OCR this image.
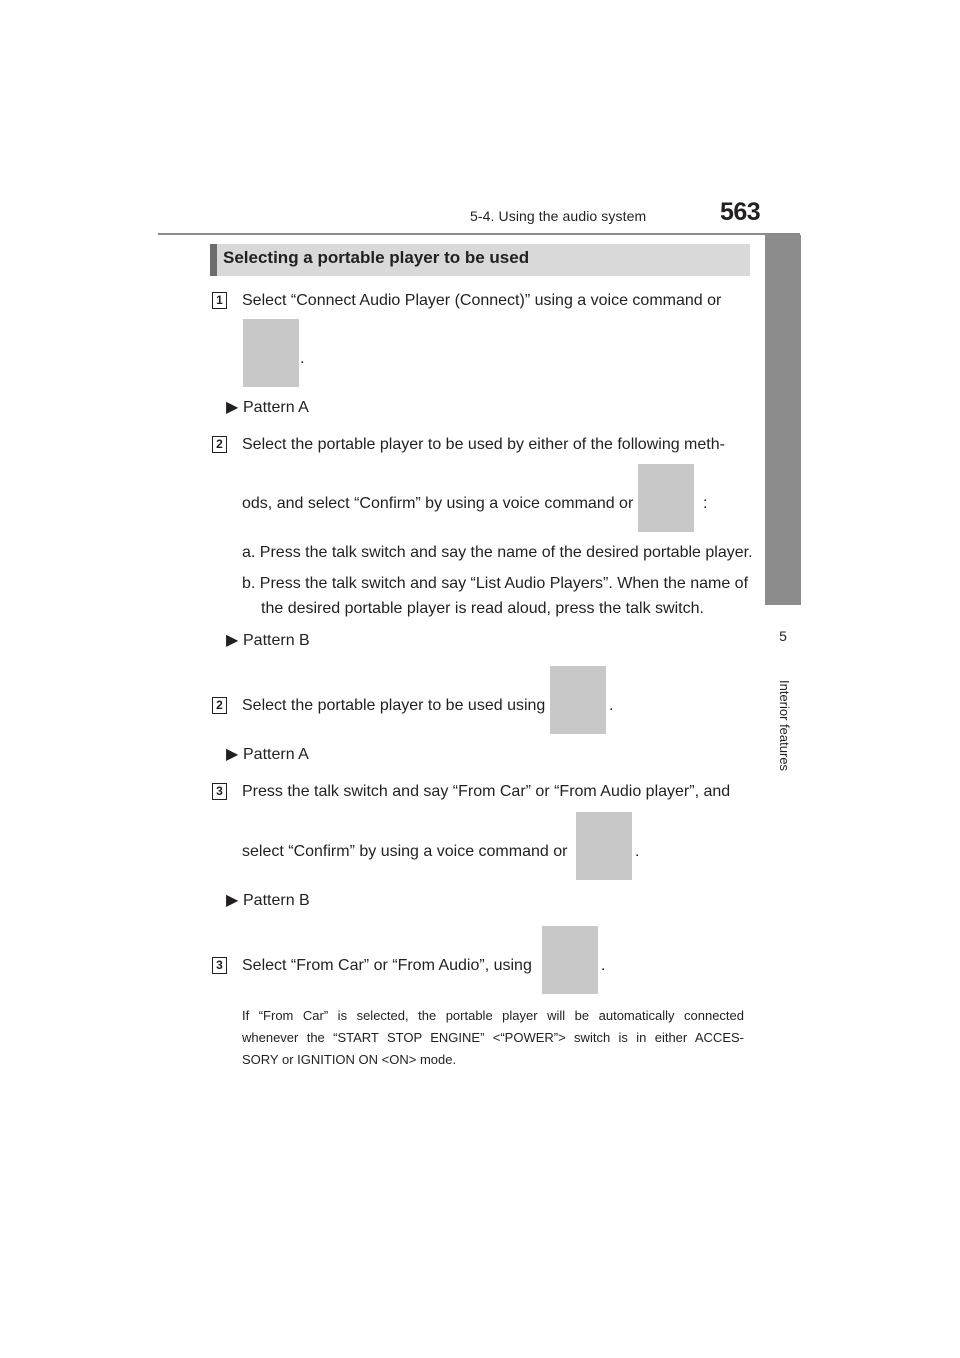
5-4. Using the audio system	563
5
Interior features
Selecting a portable player to be used
1 Select “Connect Audio Player (Connect)” using a voice command or
.
▶ Pattern A
2 Select the portable player to be used by either of the following meth-
ods, and select “Confirm” by using a voice command or	:
a. Press the talk switch and say the name of the desired portable player.
b. Press the talk switch and say “List Audio Players”. When the name of
the desired portable player is read aloud, press the talk switch.
▶ Pattern B
2 Select the portable player to be used using	.
▶ Pattern A
3 Press the talk switch and say “From Car” or “From Audio player”, and
select “Confirm” by using a voice command or	.
▶ Pattern B
3 Select “From Car” or “From Audio”, using	.
If “From Car” is selected, the portable player will be automatically connected
whenever the “START STOP ENGINE” <“POWER”> switch is in either ACCES-
SORY or IGNITION ON <ON> mode.
